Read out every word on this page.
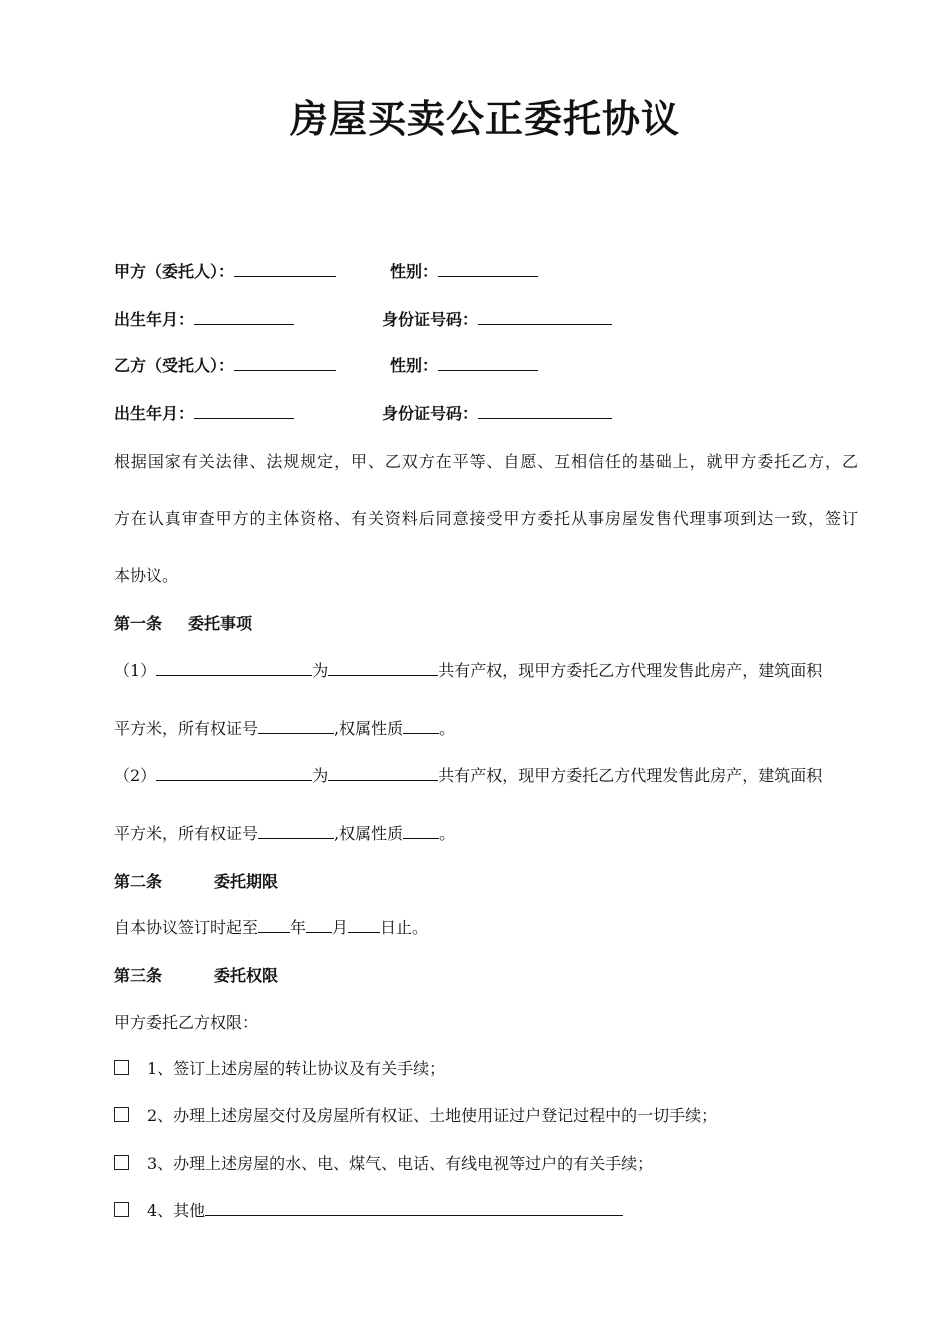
房屋买卖公正委托协议
甲方（委托人）：	性别：
出生年月：	身份证号码：
乙方（受托人）：	性别：
出生年月：	身份证号码：
根据国家有关法律、法规规定，甲、乙双方在平等、自愿、互相信任的基础上，就甲方委托乙方，乙
方在认真审查甲方的主体资格、有关资料后同意接受甲方委托从事房屋发售代理事项到达一致，签订
本协议。
第一条 委托事项
（1）	为	共有产权，现甲方委托乙方代理发售此房产，建筑面积
平方米，所有权证号	,权属性质 。
（2）	为	共有产权，现甲方委托乙方代理发售此房产，建筑面积
平方米，所有权证号	,权属性质 。
第二条	委托期限
自本协议签订时起至 年 月 日止。
第三条	委托权限
甲方委托乙方权限：
1、签订上述房屋的转让协议及有关手续；
2、办理上述房屋交付及房屋所有权证、土地使用证过户登记过程中的一切手续；
3、办理上述房屋的水、电、煤气、电话、有线电视等过户的有关手续；
4、其他
